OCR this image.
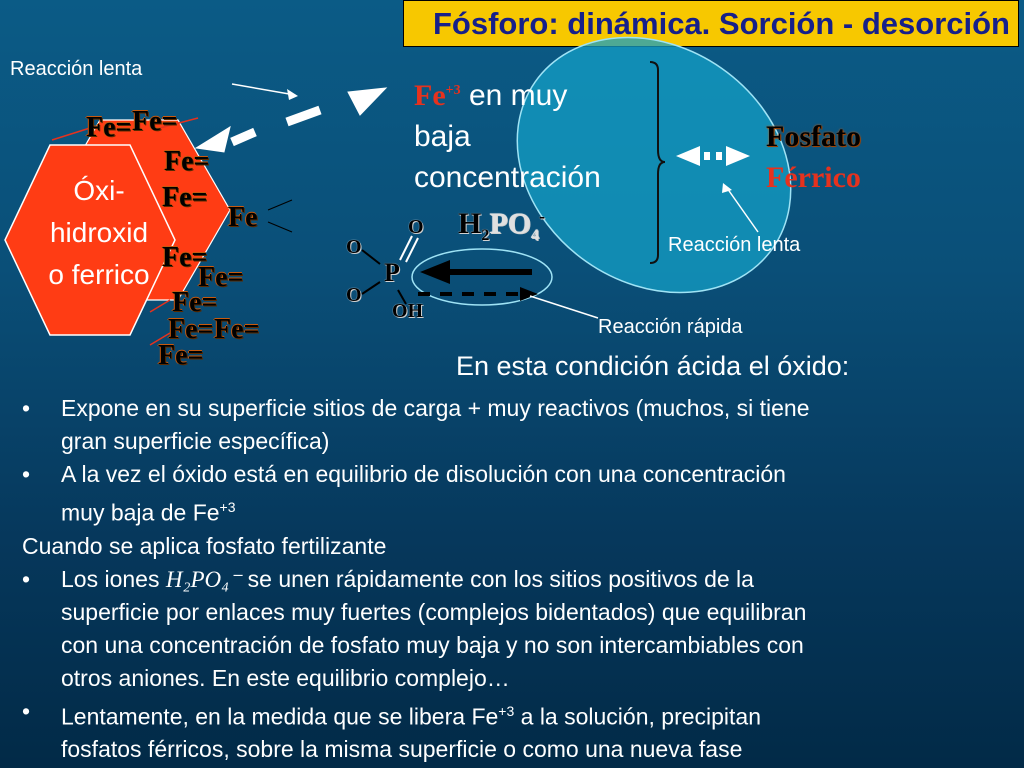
Fósforo: dinámica. Sorción - desorción
Reacción lenta
Reacción lenta
Reacción rápida
Óxi-
hidroxid
o ferrico
Fe= Fe=
Fe=
Fe=
Fe
Fe=
Fe=
Fe=
Fe= Fe=
Fe=
$Fe^{+3}$ en muy
baja
concentración
Fosfato
Férrico
$H_2PO_4^-$
O
O
O
P
OH
En esta condición ácida el óxido:
• Expone en su superficie sitios de carga + muy reactivos (muchos, si tiene
gran superficie específica)
• A la vez el óxido está en equilibrio de disolución con una concentración
muy baja de $Fe^{+3}$
Cuando se aplica fosfato fertilizante
• Los iones H₂PO₄⁻ se unen rápidamente con los sitios positivos de la
superficie por enlaces muy fuertes (complejos bidentados) que equilibran
con una concentración de fosfato muy baja y no son intercambiables con
otros aniones. En este equilibrio complejo…
• Lentamente, en la medida que se libera $Fe^{+3}$ a la solución, precipitan
fosfatos férricos, sobre la misma superficie o como una nueva fase
